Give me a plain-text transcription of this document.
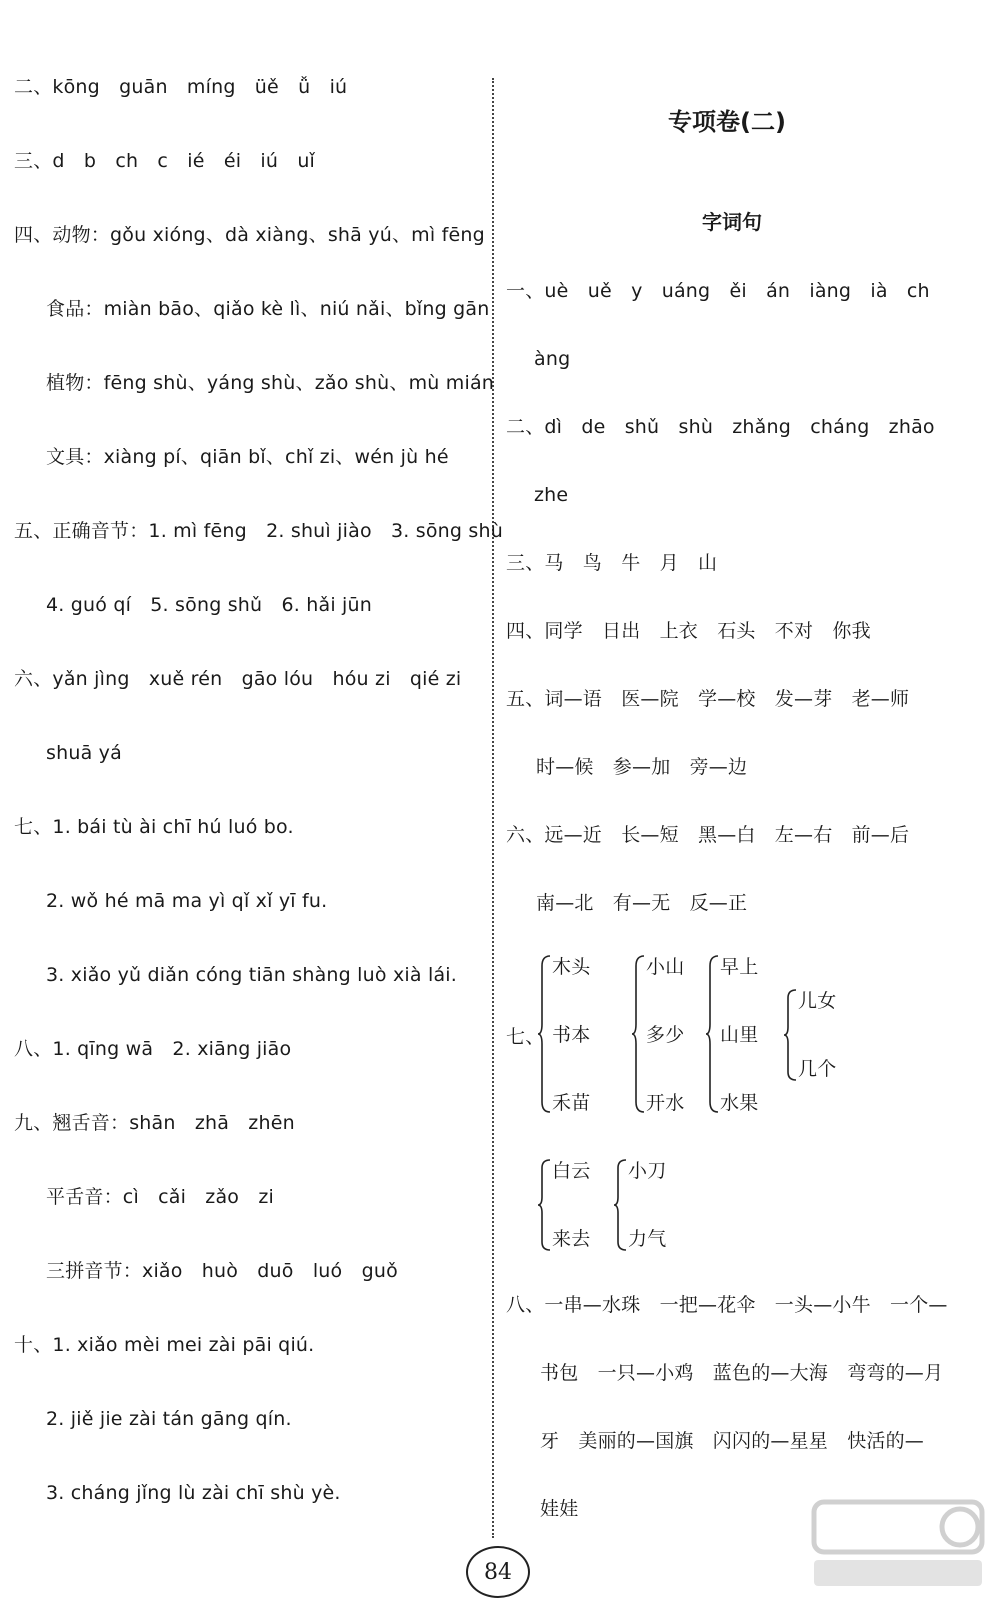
二、kōng　guān　míng　üě　ǚ　iú
三、d　b　ch　c　ié　éi　iú　uǐ
四、动物：gǒu xióng、dà xiàng、shā yú、mì fēng
食品：miàn bāo、qiǎo kè lì、niú nǎi、bǐng gān
植物：fēng shù、yáng shù、zǎo shù、mù mián
文具：xiàng pí、qiān bǐ、chǐ zi、wén jù hé
五、正确音节：1. mì fēng　2. shuì jiào　3. sōng shù
4. guó qí　5. sōng shǔ　6. hǎi jūn
六、yǎn jìng　xuě rén　gāo lóu　hóu zi　qié zi
shuā yá
七、1. bái tù ài chī hú luó bo.
2. wǒ hé mā ma yì qǐ xǐ yī fu.
3. xiǎo yǔ diǎn cóng tiān shàng luò xià lái.
八、1. qīng wā　2. xiāng jiāo
九、翘舌音：shān　zhā　zhēn
平舌音：cì　cǎi　zǎo　zi
三拼音节：xiǎo　huò　duō　luó　guǒ
十、1. xiǎo mèi mei zài pāi qiú.
2. jiě jie zài tán gāng qín.
3. cháng jǐng lù zài chī shù yè.
专项卷(二)
字词句
一、uè　uě　y　uáng　ěi　án　iàng　ià　ch
àng
二、dì　de　shǔ　shù　zhǎng　cháng　zhāo
zhe
三、马　鸟　牛　月　山
四、同学　日出　上衣　石头　不对　你我
五、词—语　医—院　学—校　发—芽　老—师
时—候　参—加　旁—边
六、远—近　长—短　黑—白　左—右　前—后
南—北　有—无　反—正
七、
木头
书本
禾苗
小山
多少
开水
早上
山里
水果
儿女
几个
白云
来去
小刀
力气
八、一串—水珠　一把—花伞　一头—小牛　一个—
书包　一只—小鸡　蓝色的—大海　弯弯的—月
牙　美丽的—国旗　闪闪的—星星　快活的—
娃娃
84
